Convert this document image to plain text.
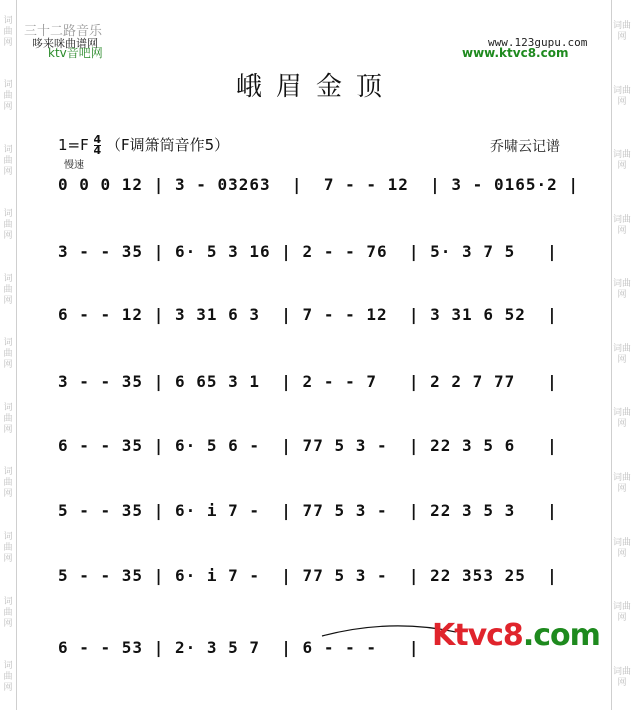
词曲网
词曲网
词曲网
词曲网
词曲网
词曲网
词曲网
词曲网
词曲网
词曲网
词曲网
词曲网
词曲网
词曲网
词曲网
词曲网
词曲网
词曲网
词曲网
词曲网
词曲网
词曲网
三十二路音乐
哆来咪曲谱网
ktv音吧网
www.123gupu.com
www.ktvc8.com
峨眉金顶
$1=F \frac{4}{4} (F$调箫筒音作5）	乔啸云记谱
慢速
0 0 0 12 | 3 - 03263  |  7 - - 12  | 3 - 0165·2 |
3 - - 35 | 6· 5 3 16 | 2 - - 76  | 5· 3 7 5   |
6 - - 12 | 3 31 6 3  | 7 - - 12  | 3 31 6 52  |
3 - - 35 | 6 65 3 1  | 2 - - 7   | 2 2 7 77   |
6 - - 35 | 6· 5 6 -  | 77 5 3 -  | 22 3 5 6   |
5 - - 35 | 6· i 7 -  | 77 5 3 -  | 22 3 5 3   |
5 - - 35 | 6· i 7 -  | 77 5 3 -  | 22 353 25  |
6 - - 53 | 2· 3 5 7  | 6 - - -   | Ktvc8.com
